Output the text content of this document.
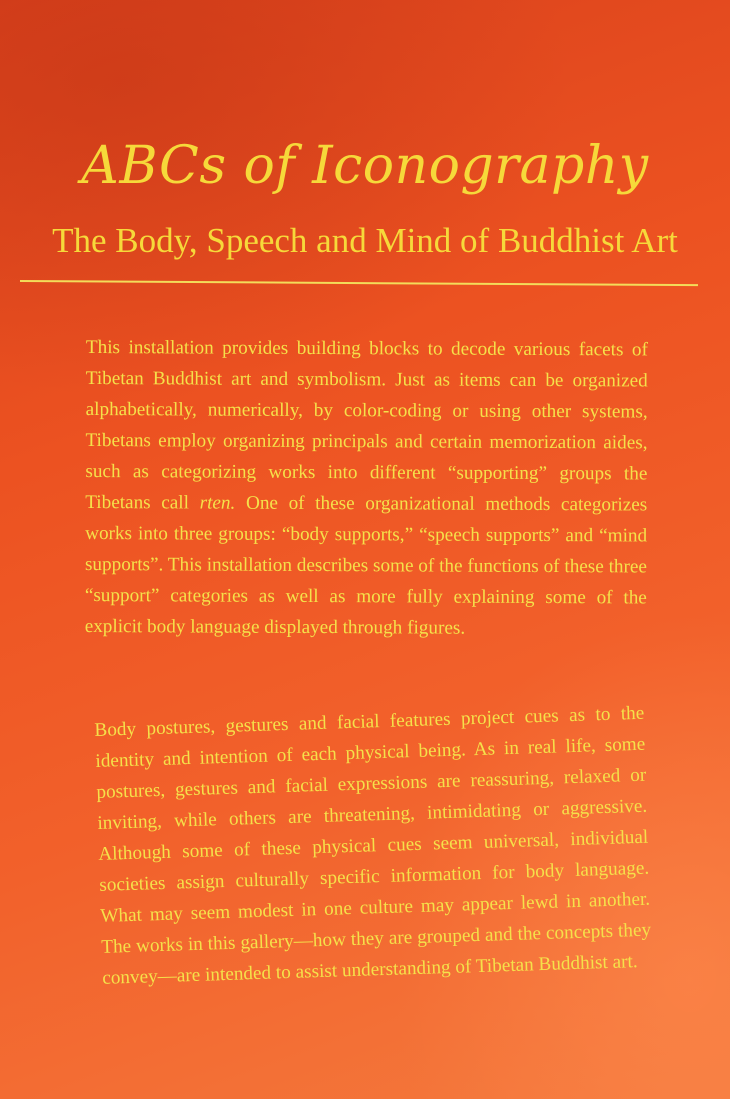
ABCs of Iconography
The Body, Speech and Mind of Buddhist Art

This installation provides building blocks to decode various facets of Tibetan Buddhist art and symbolism. Just as items can be organized alphabetically, numerically, by color-coding or using other systems, Tibetans employ organizing principals and certain memorization aides, such as categorizing works into different “supporting” groups the Tibetans call rten. One of these organizational methods categorizes works into three groups: “body supports,” “speech supports” and “mind supports”. This installation describes some of the functions of these three “support” categories as well as more fully explaining some of the explicit body language displayed through figures.

Body postures, gestures and facial features project cues as to the identity and intention of each physical being. As in real life, some postures, gestures and facial expressions are reassuring, relaxed or inviting, while others are threatening, intimidating or aggressive. Although some of these physical cues seem universal, individual societies assign culturally specific information for body language. What may seem modest in one culture may appear lewd in another. The works in this gallery—how they are grouped and the concepts they convey—are intended to assist understanding of Tibetan Buddhist art.
